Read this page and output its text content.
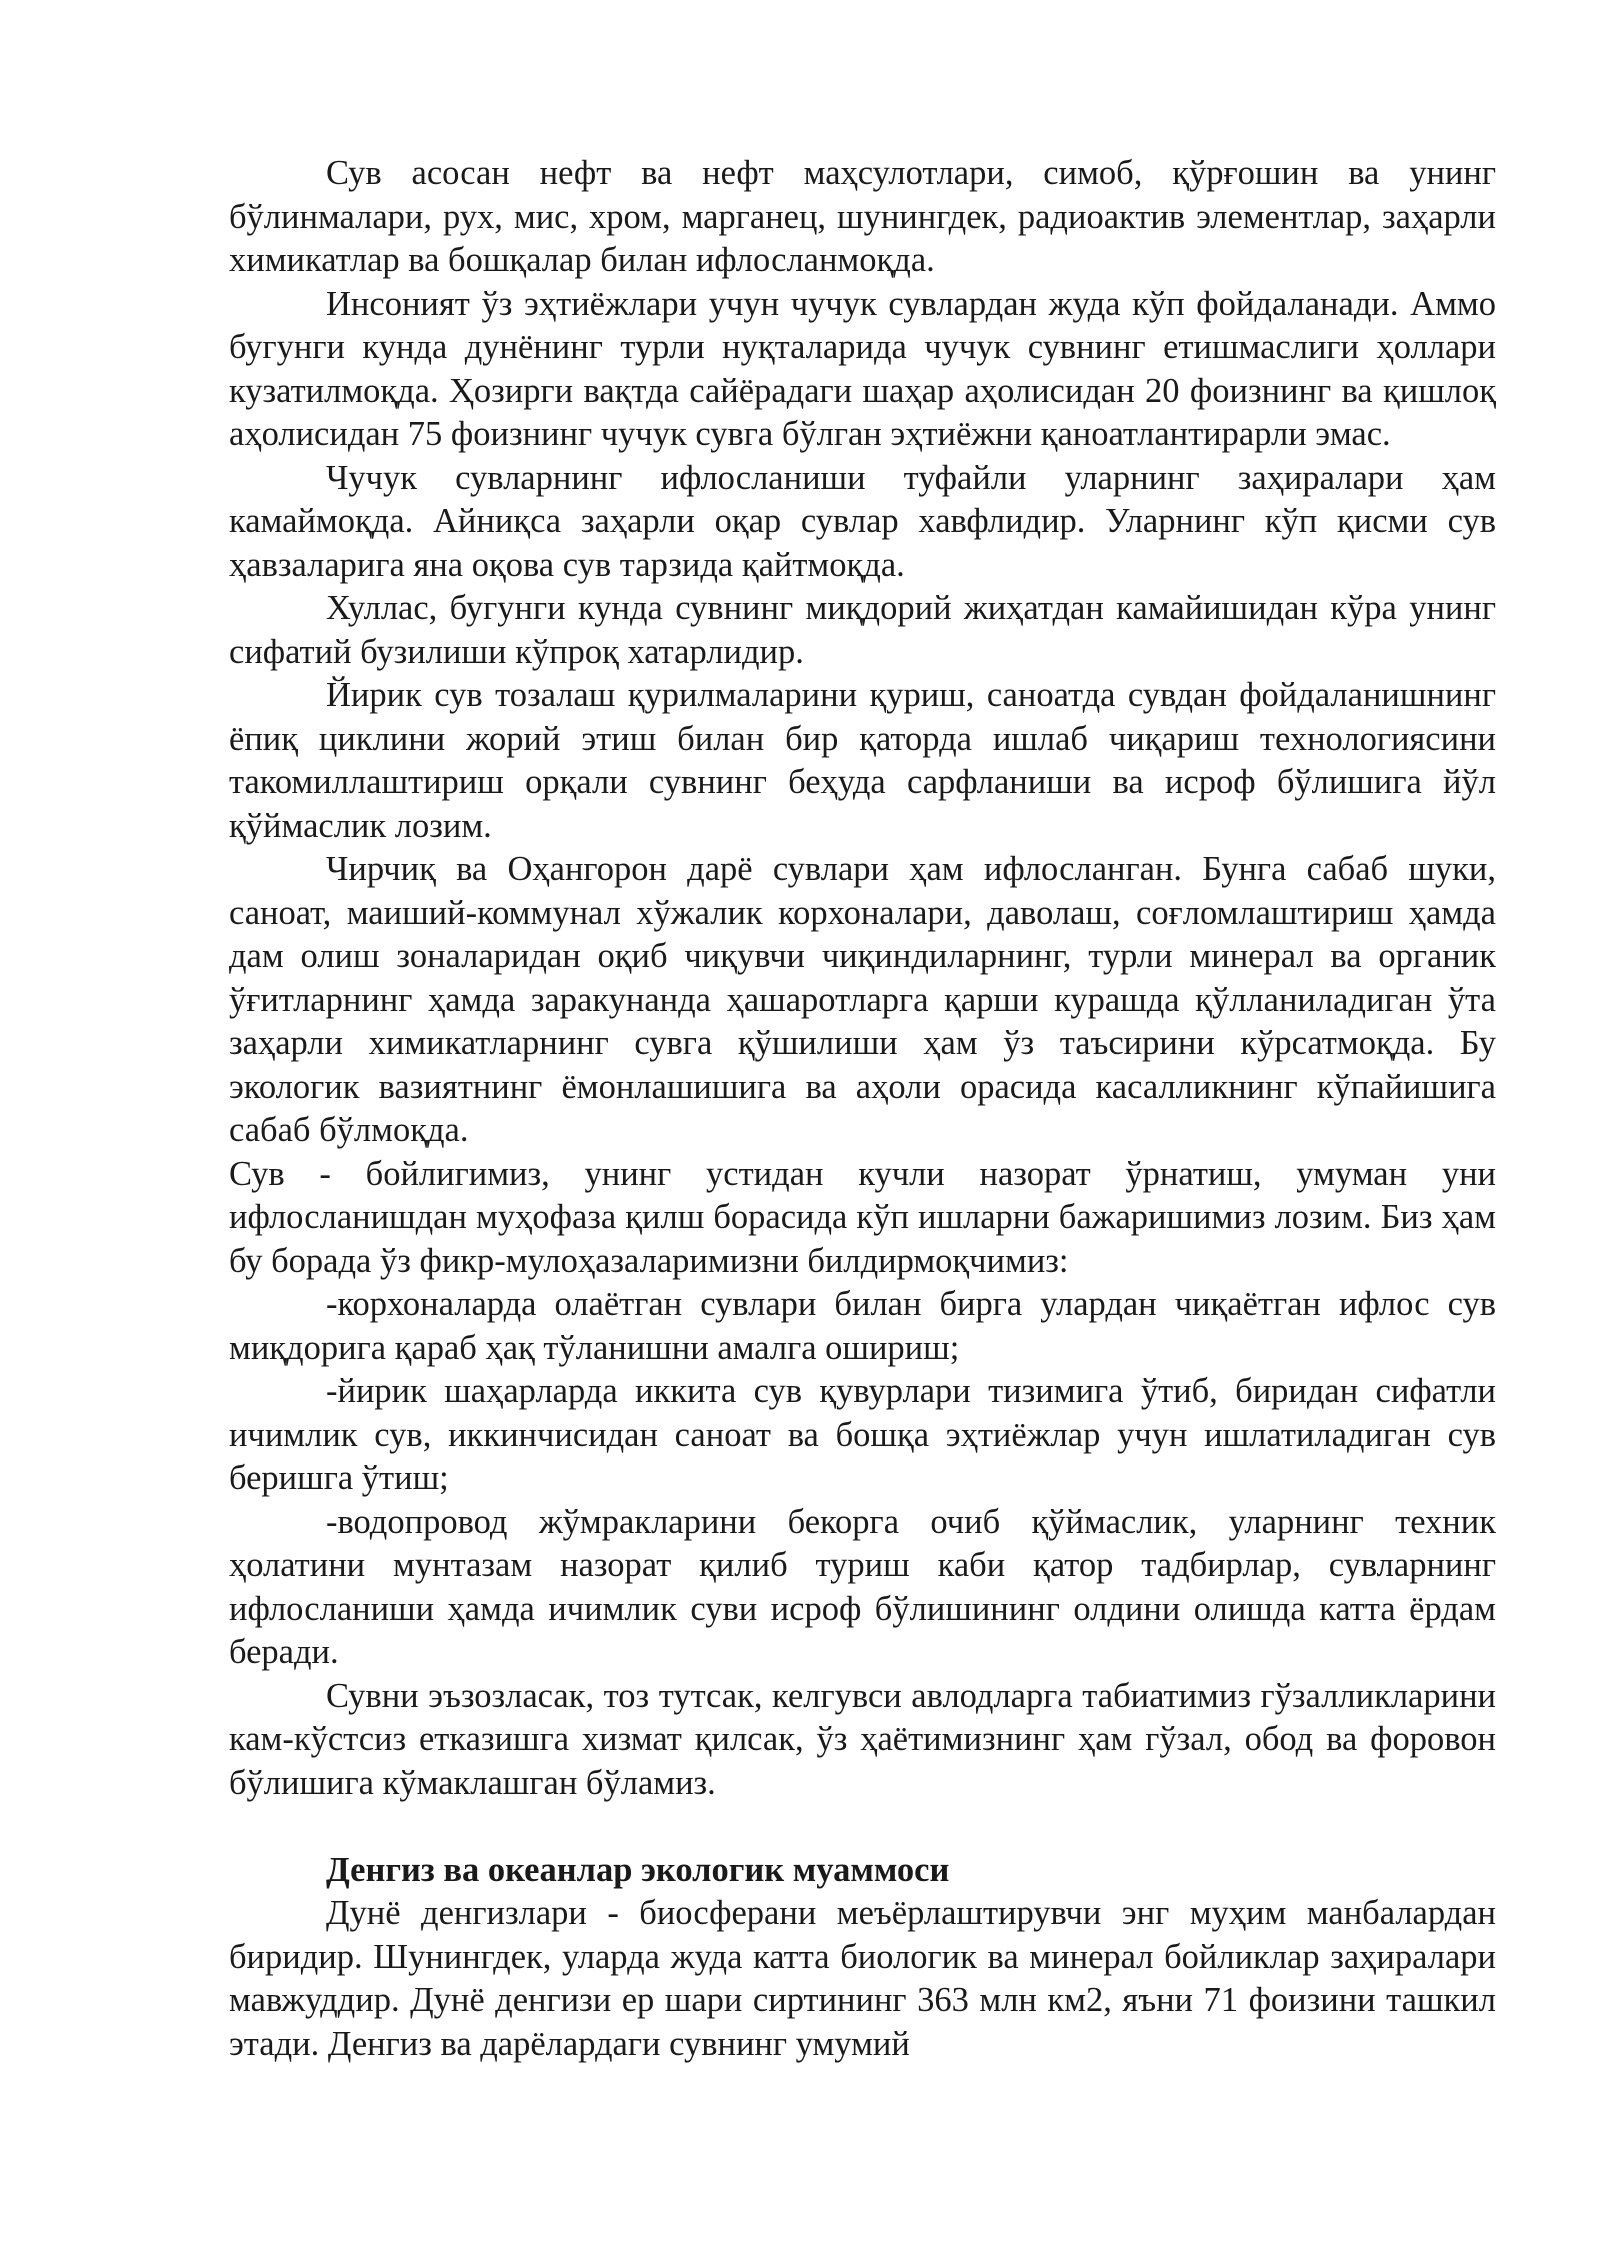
Сув асосан нефт ва нефт маҳсулотлари, симоб, қўрғошин ва унинг бўлинмалари, рух, мис, хром, марганец, шунингдек, радиоактив элементлар, заҳарли химикатлар ва бошқалар билан ифлосланмоқда.

Инсоният ўз эҳтиёжлари учун чучук сувлардан жуда кўп фойдаланади. Аммо бугунги кунда дунёнинг турли нуқталарида чучук сувнинг етишмаслиги ҳоллари кузатилмоқда. Ҳозирги вақтда сайёрадаги шаҳар аҳолисидан 20 фоизнинг ва қишлоқ аҳолисидан 75 фоизнинг чучук сувга бўлган эҳтиёжни қаноатлантирарли эмас.

Чучук сувларнинг ифлосланиши туфайли уларнинг заҳиралари ҳам камаймоқда. Айниқса заҳарли оқар сувлар хавфлидир. Уларнинг кўп қисми сув ҳавзаларига яна оқова сув тарзида қайтмоқда.

Хуллас, бугунги кунда сувнинг миқдорий жиҳатдан камайишидан кўра унинг сифатий бузилиши кўпроқ хатарлидир.

Йирик сув тозалаш қурилмаларини қуриш, саноатда сувдан фойдаланишнинг ёпиқ циклини жорий этиш билан бир қаторда ишлаб чиқариш технологиясини такомиллаштириш орқали сувнинг беҳуда сарфланиши ва исроф бўлишига йўл қўймаслик лозим.

Чирчиқ ва Оҳангорон дарё сувлари ҳам ифлосланган. Бунга сабаб шуки, саноат, маиший-коммунал хўжалик корхоналари, даволаш, соғломлаштириш ҳамда дам олиш зоналаридан оқиб чиқувчи чиқиндиларнинг, турли минерал ва органик ўғитларнинг ҳамда заракунанда ҳашаротларга қарши курашда қўлланиладиган ўта заҳарли химикатларнинг сувга қўшилиши ҳам ўз таъсирини кўрсатмоқда. Бу экологик вазиятнинг ёмонлашишига ва аҳоли орасида касалликнинг кўпайишига сабаб бўлмоқда.

Сув - бойлигимиз, унинг устидан кучли назорат ўрнатиш, умуман уни ифлосланишдан муҳофаза қилш борасида кўп ишларни бажаришимиз лозим. Биз ҳам бу борада ўз фикр-мулоҳазаларимизни билдирмоқчимиз:

-корхоналарда олаётган сувлари билан бирга улардан чиқаётган ифлос сув миқдорига қараб ҳақ тўланишни амалга ошириш;

-йирик шаҳарларда иккита сув қувурлари тизимига ўтиб, биридан сифатли ичимлик сув, иккинчисидан саноат ва бошқа эҳтиёжлар учун ишлатиладиган сув беришга ўтиш;

-водопровод жўмракларини бекорга очиб қўймаслик, уларнинг техник ҳолатини мунтазам назорат қилиб туриш каби қатор тадбирлар, сувларнинг ифлосланиши ҳамда ичимлик суви исроф бўлишининг олдини олишда катта ёрдам беради.

Сувни эъзозласак, тоз тутсак, келгувси авлодларга табиатимиз гўзалликларини кам-кўстсиз етказишга хизмат қилсак, ўз ҳаётимизнинг ҳам гўзал, обод ва форовон бўлишига кўмаклашган бўламиз.

Денгиз ва океанлар экологик муаммоси

Дунё денгизлари - биосферани меъёрлаштирувчи энг муҳим манбалардан биридир. Шунингдек, уларда жуда катта биологик ва минерал бойликлар заҳиралари мавжуддир. Дунё денгизи ер шари сиртининг 363 млн км2, яъни 71 фоизини ташкил этади. Денгиз ва дарёлардаги сувнинг умумий
